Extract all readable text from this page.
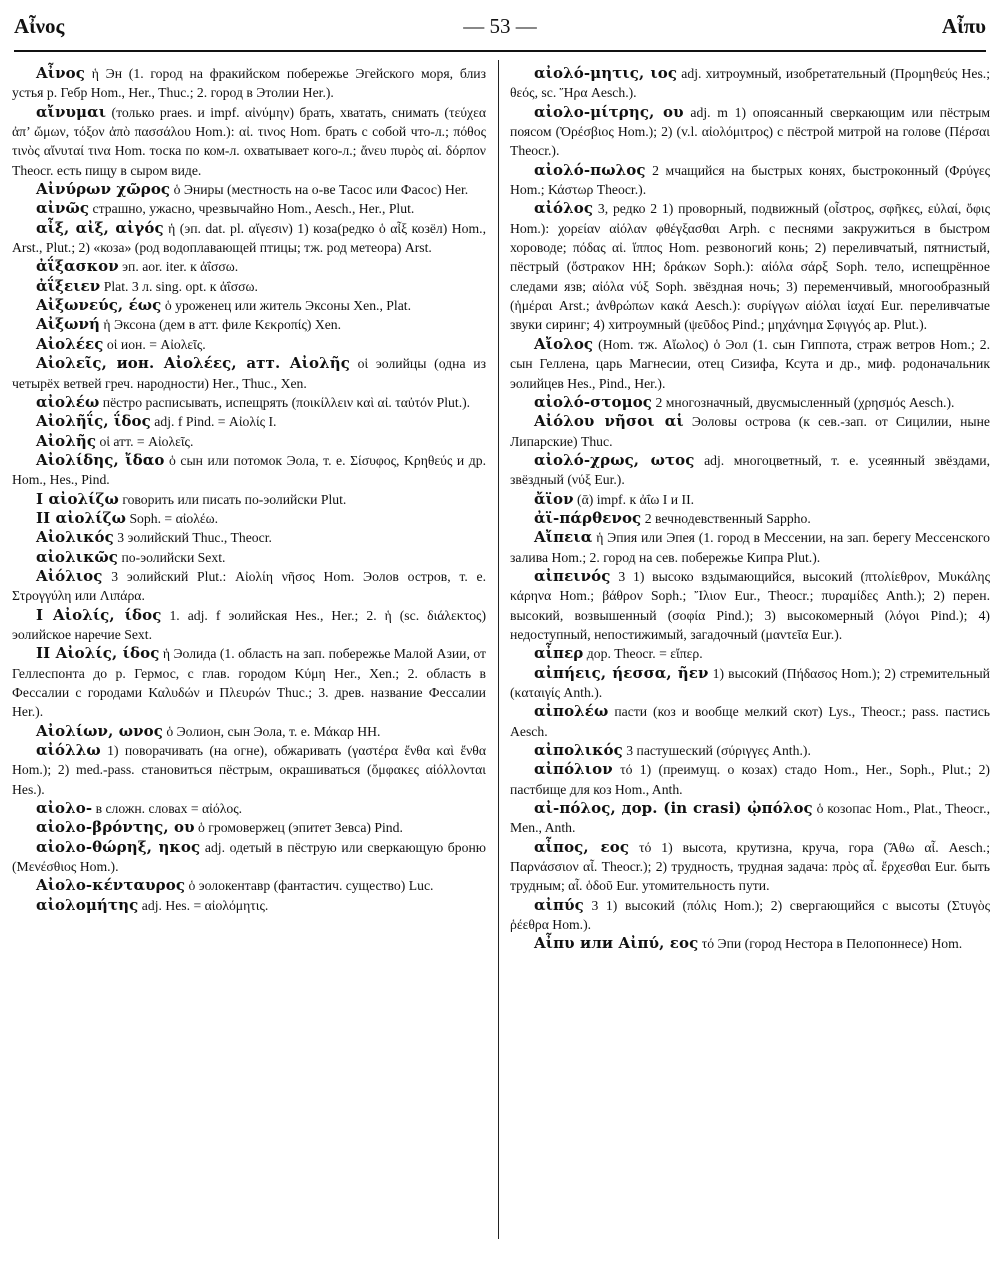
Αἶνος	— 53 —	Αἶπυ

Αἶνος ἡ Эн (1. город на фракийском побережье Эгейского моря, близ устья р. Гебр Hom., Her., Thuc.; 2. город в Этолии Her.).

αἴνυμαι (только praes. и impf. αἰνύμην) брать, хватать, снимать (τεύχεα ἀπ’ ὤμων, τόξον ἀπὸ πασσάλου Hom.): αἰ. τινος Hom. брать с собой что-л.; πόθος τινὸς αἴνυταί τινα Hom. тоска по ком-л. охватывает кого-л.; ἄνευ πυρὸς αἰ. δόρπον Theocr. есть пищу в сыром виде.

Αἰνύρων χῶρος ὁ Эниры (местность на о-ве Тасос или Фасос) Her.

αἰνῶς страшно, ужасно, чрезвычайно Hom., Aesch., Her., Plut.

αἶξ, αἰξ, αἰγός ἡ (эп. dat. pl. αἴγεσιν) 1) коза(редко ὁ αἶξ козёл) Hom., Arst., Plut.; 2) «коза» (род водоплавающей птицы; тж. род метеора) Arst.

ἀΐξασκον эп. aor. iter. к ἀΐσσω.

ἀΐξειεν Plat. 3 л. sing. opt. к ἀΐσσω.

Αἰξωνεύς, έως ὁ уроженец или житель Эксоны Xen., Plat.

Αἰξωνή ἡ Эксона (дем в атт. филе Κεκροπίς) Xen.

Αἰολέες οἱ ион. = Αἰολεῖς.

Αἰολεῖς, ион. Αἰολέες, атт. Αἰολῆς οἱ эолийцы (одна из четырёх ветвей греч. народности) Her., Thuc., Xen.

αἰολέω пёстро расписывать, испещрять (ποικίλλειν καὶ αἰ. ταὐτόν Plut.).

Αἰολῆΐς, ΐδος adj. f Pind. = Αἰολίς I.

Αἰολῆς οἱ атт. = Αἰολεῖς.

Αἰολίδης, ἴδαο ὁ сын или потомок Эола, т. е. Σίσυφος, Κρηθεύς и др. Hom., Hes., Pind.

I αἰολίζω говорить или писать по-эолийски Plut.

II αἰολίζω Soph. = αἰολέω.

Αἰολικός 3 эолийский Thuc., Theocr.

αἰολικῶς по-эолийски Sext.

Αἰόλιος 3 эолийский Plut.: Αἰολίη νῆσος Hom. Эолов остров, т. е. Στρογγύλη или Λιπάρα.

I Αἰολίς, ίδος 1. adj. f эолийская Hes., Her.; 2. ἡ (sc. διάλεκτος) эолийское наречие Sext.

II Αἰολίς, ίδος ἡ Эолида (1. область на зап. побережье Малой Азии, от Геллеспонта до р. Гермос, с глав. городом Κύμη Her., Xen.; 2. область в Фессалии с городами Καλυδών и Πλευρών Thuc.; 3. древ. название Фессалии Her.).

Αἰολίων, ωνος ὁ Эолион, сын Эола, т. е. Μάκαρ HH.

αἰόλλω 1) поворачивать (на огне), обжаривать (γαστέρα ἔνθα καὶ ἔνθα Hom.); 2) med.-pass. становиться пёстрым, окрашиваться (ὄμφακες αἰόλλονται Hes.).

αἰολο- в сложн. словах = αἰόλος.

αἰολο-βρόντης, ου ὁ громовержец (эпитет Зевса) Pind.

αἰολο-θώρηξ, ηκος adj. одетый в пёструю или сверкающую броню (Μενέσθιος Hom.).

Αἰολο-κένταυρος ὁ эолокентавр (фантастич. существо) Luc.

αἰολομήτης adj. Hes. = αἰολόμητις.

αἰολό-μητις, ιος adj. хитроумный, изобретательный (Προμηθεύς Hes.; θεός, sc. Ἥρα Aesch.).

αἰολο-μίτρης, ου adj. m 1) опоясанный сверкающим или пёстрым поясом (Ὀρέσβιος Hom.); 2) (v.l. αἰολόμιτρος) с пёстрой митрой на голове (Πέρσαι Theocr.).

αἰολό-πωλος 2 мчащийся на быстрых конях, быстроконный (Φρύγες Hom.; Κάστωρ Theocr.).

αἰόλος 3, редко 2 1) проворный, подвижный (οἶστρος, σφῆκες, εὐλαί, ὄφις Hom.): χορείαν αἰόλαν φθέγξασθαι Arph. с песнями закружиться в быстром хороводе; πόδας αἰ. ἵππος Hom. резвоногий конь; 2) переливчатый, пятнистый, пёстрый (ὄστρακον HH; δράκων Soph.): αἰόλα σάρξ Soph. тело, испещрённое следами язв; αἰόλα νύξ Soph. звёздная ночь; 3) переменчивый, многообразный (ἡμέραι Arst.; ἀνθρώπων κακά Aesch.): συρίγγων αἰόλαι ἰαχαί Eur. переливчатые звуки сиринг; 4) хитроумный (ψεῦδος Pind.; μηχάνημα Σφιγγός ap. Plut.).

Αἴολος (Hom. тж. Αἴωλος) ὁ Эол (1. сын Гиппота, страж ветров Hom.; 2. сын Геллена, царь Магнесии, отец Сизифа, Ксута и др., миф. родоначальник эолийцев Hes., Pind., Her.).

αἰολό-στομος 2 многозначный, двусмысленный (χρησμός Aesch.).

Αἰόλου νῆσοι αἱ Эоловы острова (к сев.-зап. от Сицилии, ныне Липарские) Thuc.

αἰολό-χρως, ωτος adj. многоцветный, т. е. усеянный звёздами, звёздный (νύξ Eur.).

ἄϊον (ᾱ) impf. к ἀΐω I и II.

ἀϊ-πάρθενος 2 вечнодевственный Sappho.

Αἴπεια ἡ Эпия или Эпея (1. город в Мессении, на зап. берегу Мессенского залива Hom.; 2. город на сев. побережье Кипра Plut.).

αἰπεινός 3 1) высоко вздымающийся, высокий (πτολίεθρον, Μυκάλης κάρηνα Hom.; βάθρον Soph.; Ἴλιον Eur., Theocr.; πυραμίδες Anth.); 2) перен. высокий, возвышенный (σοφία Pind.); 3) высокомерный (λόγοι Pind.); 4) недоступный, непостижимый, загадочный (μαντεῖα Eur.).

αἶπερ дор. Theocr. = εἴπερ.

αἰπήεις, ήεσσα, ῆεν 1) высокий (Πήδασος Hom.); 2) стремительный (καταιγίς Anth.).

αἰπολέω пасти (коз и вообще мелкий скот) Lys., Theocr.; pass. пастись Aesch.

αἰπολικός 3 пастушеский (σύριγγες Anth.).

αἰπόλιον τό 1) (преимущ. о козах) стадо Hom., Her., Soph., Plut.; 2) пастбище для коз Hom., Anth.

αἰ-πόλος, дор. (in crasi) ᾠπόλος ὁ козопас Hom., Plat., Theocr., Men., Anth.

αἶπος, εος τό 1) высота, крутизна, круча, гора (Ἄθω αἶ. Aesch.; Παρνάσσιον αἶ. Theocr.); 2) трудность, трудная задача: πρὸς αἶ. ἔρχεσθαι Eur. быть трудным; αἶ. ὁδοῦ Eur. утомительность пути.

αἰπύς 3 1) высокий (πόλις Hom.); 2) свергающийся с высоты (Στυγὸς ῥέεθρα Hom.).

Αἶπυ или Αἰπύ, εος τό Эпи (город Нестора в Пелопоннесе) Hom.
